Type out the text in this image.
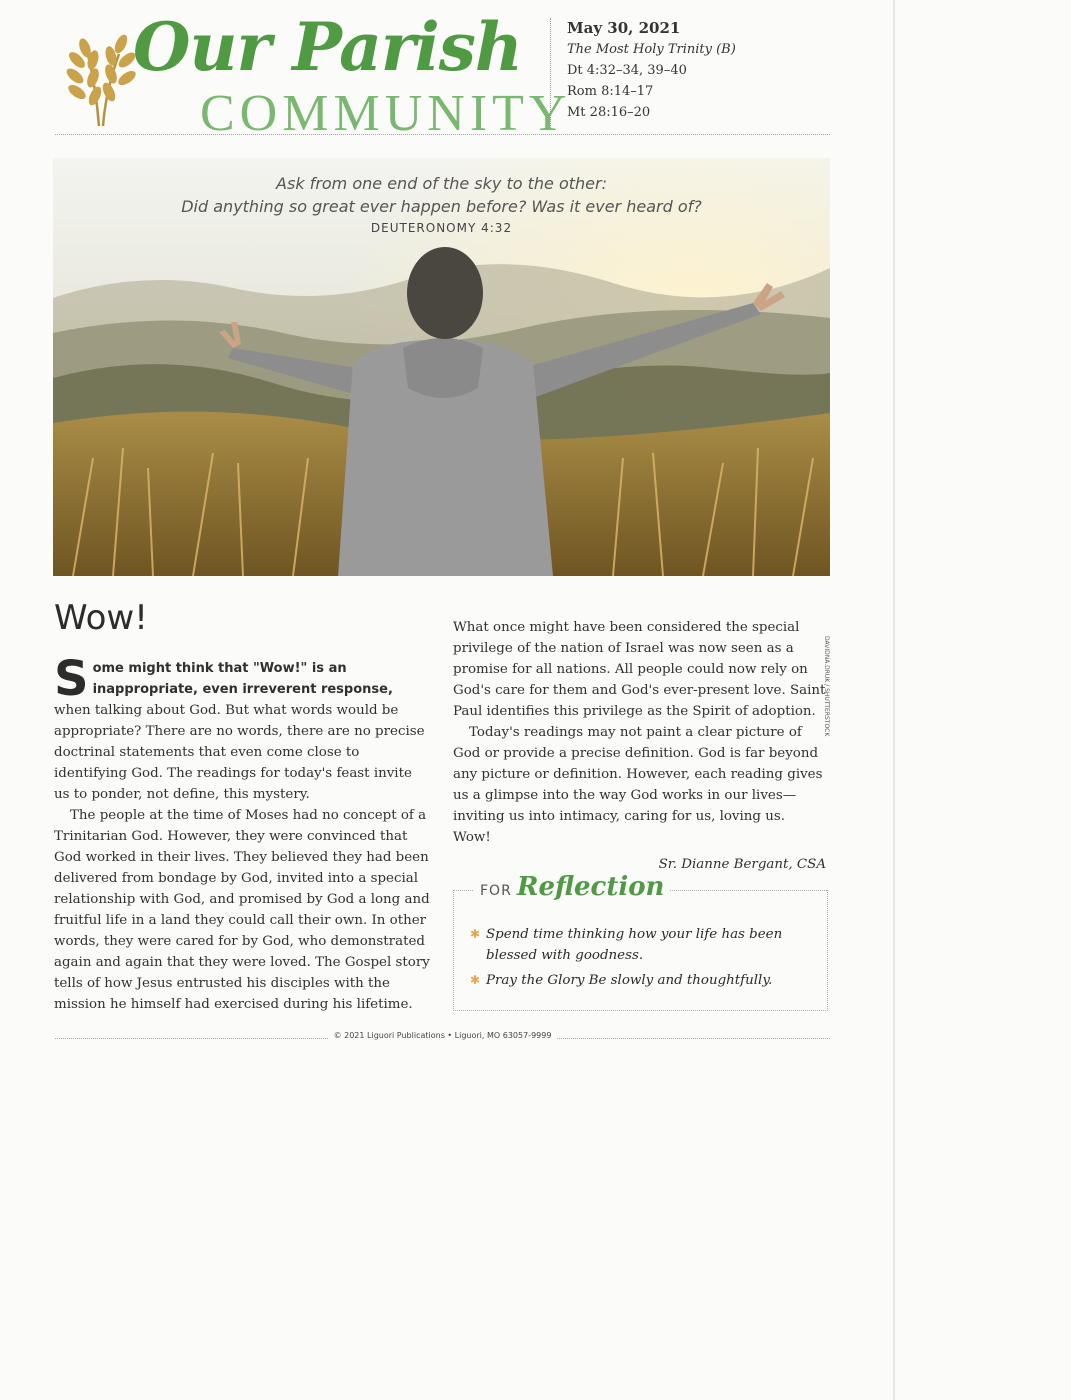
Our Parish
COMMUNITY
May 30, 2021
The Most Holy Trinity (B)
Dt 4:32–34, 39–40
Rom 8:14–17
Mt 28:16–20
Ask from one end of the sky to the other:
Did anything so great ever happen before? Was it ever heard of?
DEUTERONOMY 4:32
DAVIDNA.DRUK / SHUTTERSTOCK
Wow!

Some might think that "Wow!" is an inappropriate, even irreverent response, when talking about God. But what words would be appropriate? There are no words, there are no precise doctrinal statements that even come close to identifying God. The readings for today's feast invite us to ponder, not define, this mystery.

The people at the time of Moses had no concept of a Trinitarian God. However, they were convinced that God worked in their lives. They believed they had been delivered from bondage by God, invited into a special relationship with God, and promised by God a long and fruitful life in a land they could call their own. In other words, they were cared for by God, who demonstrated again and again that they were loved. The Gospel story tells of how Jesus entrusted his disciples with the mission he himself had exercised during his lifetime.

What once might have been considered the special privilege of the nation of Israel was now seen as a promise for all nations. All people could now rely on God's care for them and God's ever-present love. Saint Paul identifies this privilege as the Spirit of adoption.

Today's readings may not paint a clear picture of God or provide a precise definition. God is far beyond any picture or definition. However, each reading gives us a glimpse into the way God works in our lives—inviting us into intimacy, caring for us, loving us. Wow!

Sr. Dianne Bergant, CSA
FOR Reflection
✱ Spend time thinking how your life has been blessed with goodness.
✱ Pray the Glory Be slowly and thoughtfully.
© 2021 Liguori Publications • Liguori, MO 63057-9999
